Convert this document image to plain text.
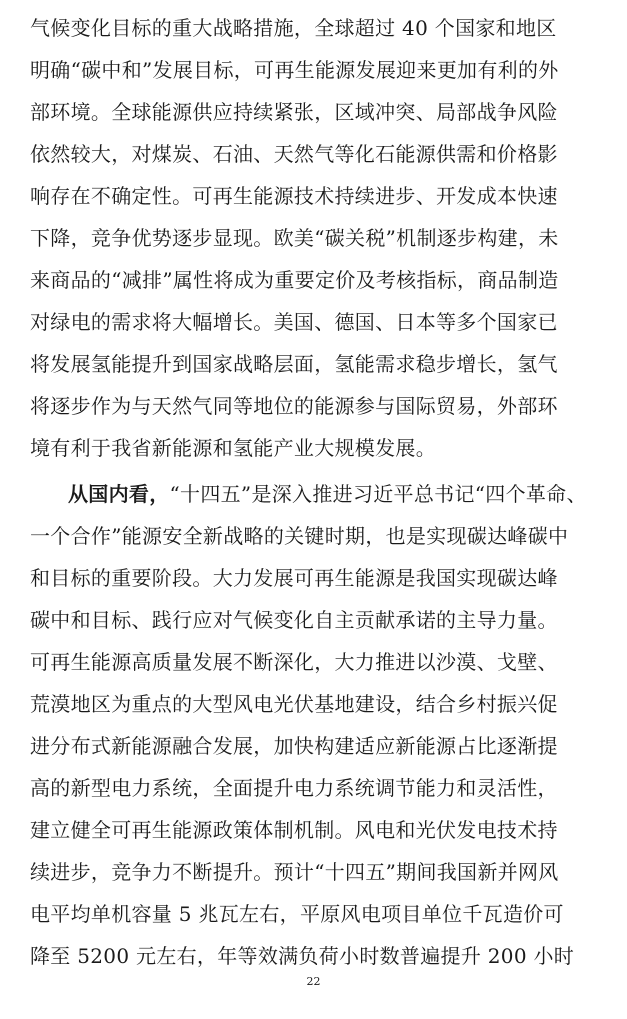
气候变化目标的重大战略措施，全球超过 40 个国家和地区
明确“碳中和”发展目标，可再生能源发展迎来更加有利的外
部环境。全球能源供应持续紧张，区域冲突、局部战争风险
依然较大，对煤炭、石油、天然气等化石能源供需和价格影
响存在不确定性。可再生能源技术持续进步、开发成本快速
下降，竞争优势逐步显现。欧美“碳关税”机制逐步构建，未
来商品的“减排”属性将成为重要定价及考核指标，商品制造
对绿电的需求将大幅增长。美国、德国、日本等多个国家已
将发展氢能提升到国家战略层面，氢能需求稳步增长，氢气
将逐步作为与天然气同等地位的能源参与国际贸易，外部环
境有利于我省新能源和氢能产业大规模发展。
从国内看，“十四五”是深入推进习近平总书记“四个革命、
一个合作”能源安全新战略的关键时期，也是实现碳达峰碳中
和目标的重要阶段。大力发展可再生能源是我国实现碳达峰
碳中和目标、践行应对气候变化自主贡献承诺的主导力量。
可再生能源高质量发展不断深化，大力推进以沙漠、戈壁、
荒漠地区为重点的大型风电光伏基地建设，结合乡村振兴促
进分布式新能源融合发展，加快构建适应新能源占比逐渐提
高的新型电力系统，全面提升电力系统调节能力和灵活性，
建立健全可再生能源政策体制机制。风电和光伏发电技术持
续进步，竞争力不断提升。预计“十四五”期间我国新并网风
电平均单机容量 5 兆瓦左右，平原风电项目单位千瓦造价可
降至 5200 元左右，年等效满负荷小时数普遍提升 200 小时
22
